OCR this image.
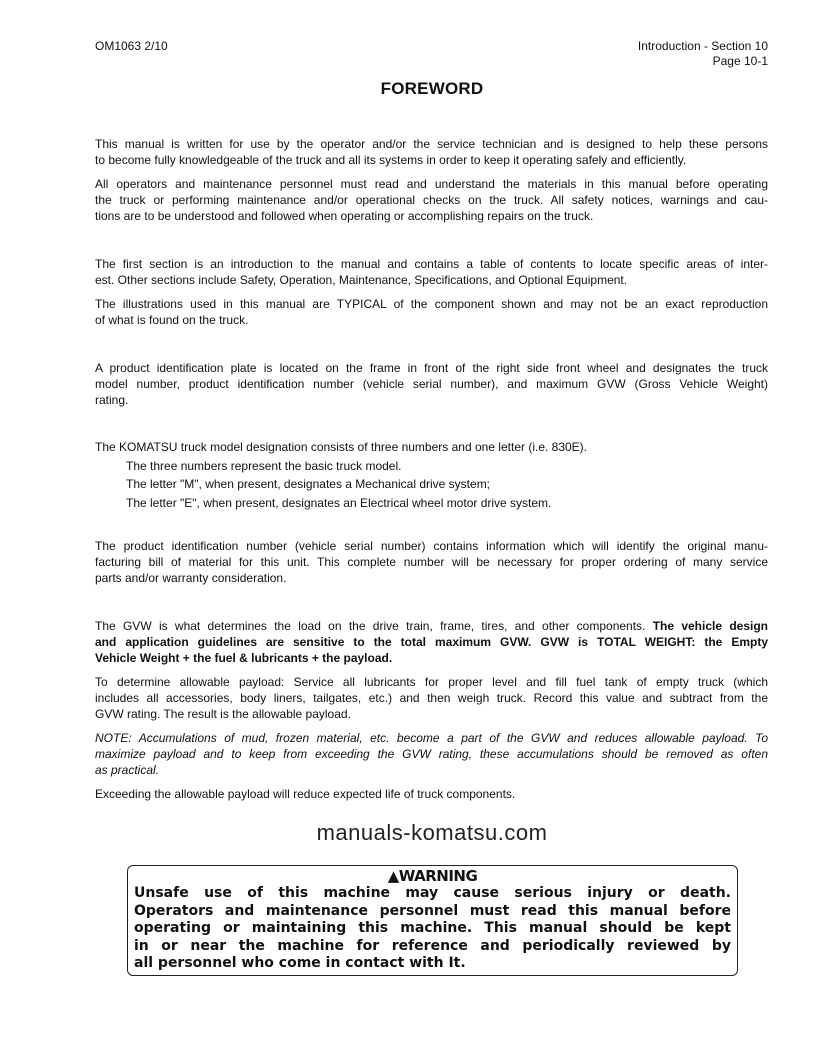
OM1063 2/10	Introduction - Section 10
Page 10-1
FOREWORD
This manual is written for use by the operator and/or the service technician and is designed to help these persons
to become fully knowledgeable of the truck and all its systems in order to keep it operating safely and efficiently.
All operators and maintenance personnel must read and understand the materials in this manual before operating
the truck or performing maintenance and/or operational checks on the truck. All safety notices, warnings and cau-
tions are to be understood and followed when operating or accomplishing repairs on the truck.
The first section is an introduction to the manual and contains a table of contents to locate specific areas of inter-
est. Other sections include Safety, Operation, Maintenance, Specifications, and Optional Equipment.
The illustrations used in this manual are TYPICAL of the component shown and may not be an exact reproduction
of what is found on the truck.
A product identification plate is located on the frame in front of the right side front wheel and designates the truck
model number, product identification number (vehicle serial number), and maximum GVW (Gross Vehicle Weight)
rating.
The KOMATSU truck model designation consists of three numbers and one letter (i.e. 830E).
The three numbers represent the basic truck model.
The letter "M", when present, designates a Mechanical drive system;
The letter "E", when present, designates an Electrical wheel motor drive system.
The product identification number (vehicle serial number) contains information which will identify the original manu-
facturing bill of material for this unit. This complete number will be necessary for proper ordering of many service
parts and/or warranty consideration.
The GVW is what determines the load on the drive train, frame, tires, and other components. The vehicle design
and application guidelines are sensitive to the total maximum GVW. GVW is TOTAL WEIGHT: the Empty
Vehicle Weight + the fuel & lubricants + the payload.
To determine allowable payload: Service all lubricants for proper level and fill fuel tank of empty truck (which
includes all accessories, body liners, tailgates, etc.) and then weigh truck. Record this value and subtract from the
GVW rating. The result is the allowable payload.
NOTE: Accumulations of mud, frozen material, etc. become a part of the GVW and reduces allowable payload. To
maximize payload and to keep from exceeding the GVW rating, these accumulations should be removed as often
as practical.
Exceeding the allowable payload will reduce expected life of truck components.
manuals-komatsu.com
▲WARNING
Unsafe use of this machine may cause serious injury or death.
Operators and maintenance personnel must read this manual before
operating or maintaining this machine. This manual should be kept
in or near the machine for reference and periodically reviewed by
all personnel who come in contact with It.
